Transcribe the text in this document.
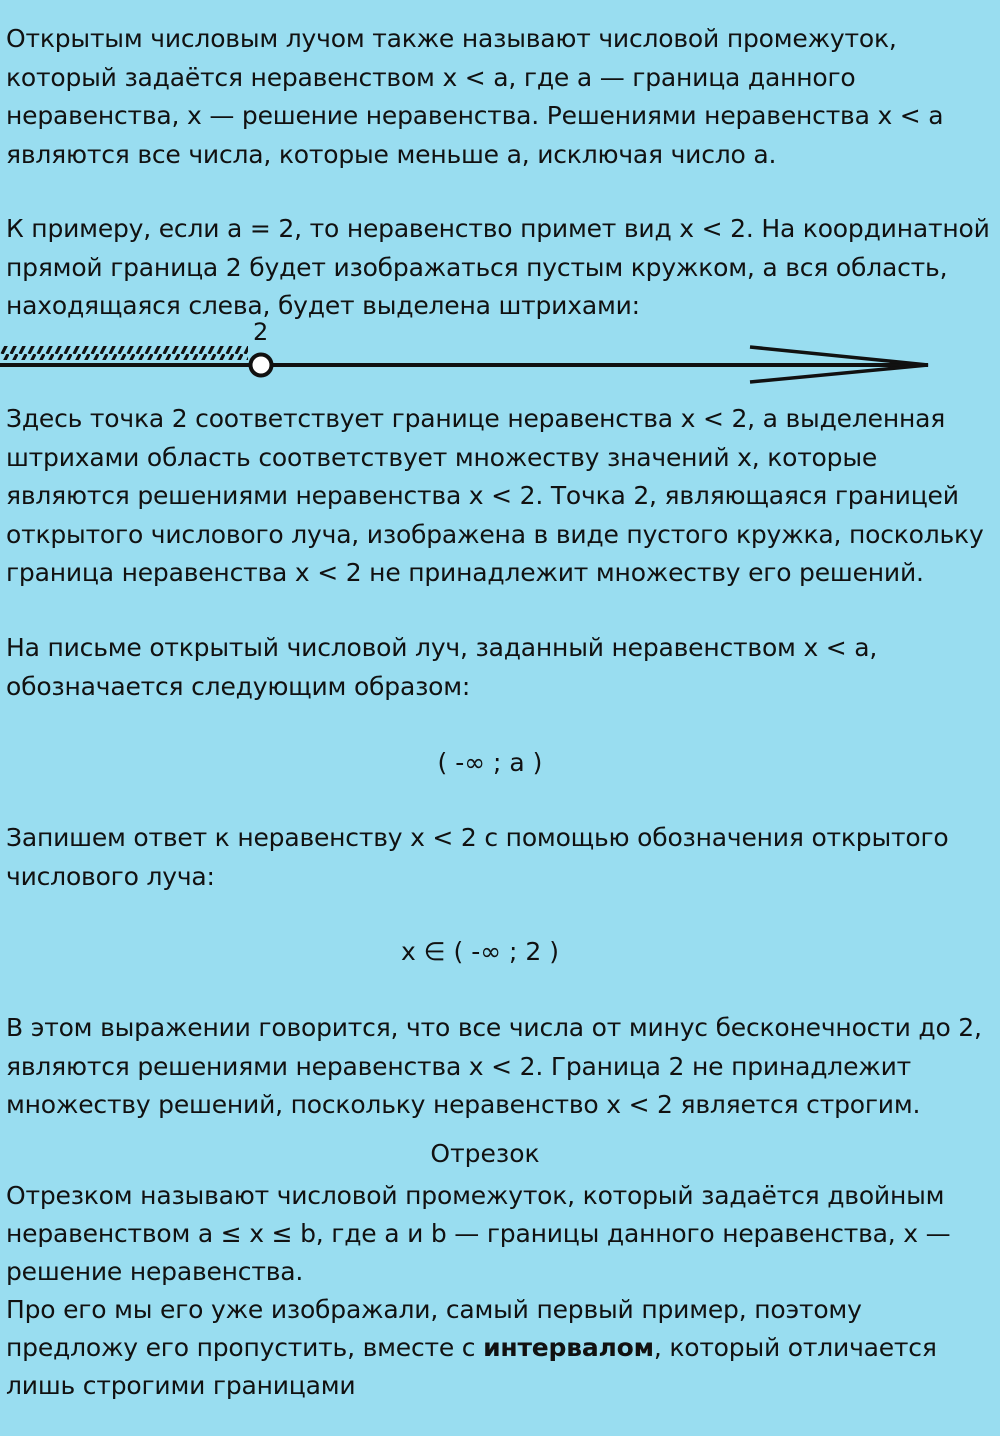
Открытым числовым лучом также называют числовой промежуток, который задаётся неравенством x < a, где a — граница данного неравенства, x — решение неравенства. Решениями неравенства x < a являются все числа, которые меньше a, исключая число a.

К примеру, если a = 2, то неравенство примет вид x < 2. На координатной прямой граница 2 будет изображаться пустым кружком, а вся область, находящаяся слева, будет выделена штрихами:

2

Здесь точка 2 соответствует границе неравенства x < 2, а выделенная штрихами область соответствует множеству значений x, которые являются решениями неравенства x < 2. Точка 2, являющаяся границей открытого числового луча, изображена в виде пустого кружка, поскольку граница неравенства x < 2 не принадлежит множеству его решений.

На письме открытый числовой луч, заданный неравенством x < a, обозначается следующим образом:

( -∞ ; a )

Запишем ответ к неравенству x < 2 с помощью обозначения открытого числового луча:

x ∈ ( -∞ ; 2 )

В этом выражении говорится, что все числа от минус бесконечности до 2, являются решениями неравенства x < 2. Граница 2 не принадлежит множеству решений, поскольку неравенство x < 2 является строгим.

Отрезок

Отрезком называют числовой промежуток, который задаётся двойным неравенством a ≤ x ≤ b, где a и b — границы данного неравенства, x — решение неравенства.

Про его мы его уже изображали, самый первый пример, поэтому предложу его пропустить, вместе с интервалом, который отличается лишь строгими границами
